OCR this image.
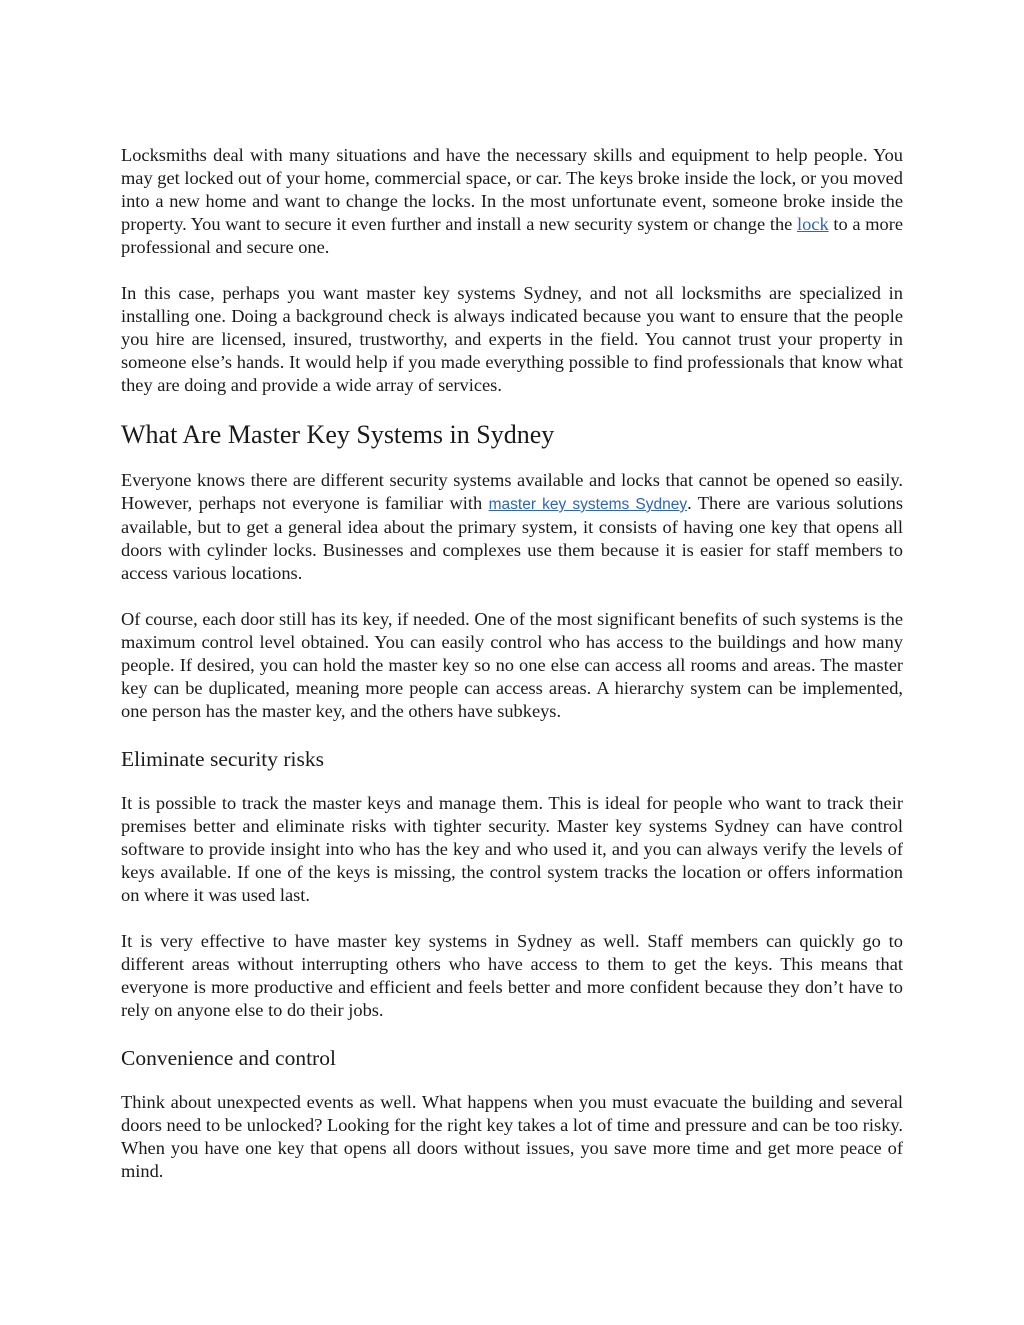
Locksmiths deal with many situations and have the necessary skills and equipment to help people. You may get locked out of your home, commercial space, or car. The keys broke inside the lock, or you moved into a new home and want to change the locks. In the most unfortunate event, someone broke inside the property. You want to secure it even further and install a new security system or change the lock to a more professional and secure one.

In this case, perhaps you want master key systems Sydney, and not all locksmiths are specialized in installing one. Doing a background check is always indicated because you want to ensure that the people you hire are licensed, insured, trustworthy, and experts in the field. You cannot trust your property in someone else’s hands. It would help if you made everything possible to find professionals that know what they are doing and provide a wide array of services.

What Are Master Key Systems in Sydney

Everyone knows there are different security systems available and locks that cannot be opened so easily. However, perhaps not everyone is familiar with master key systems Sydney. There are various solutions available, but to get a general idea about the primary system, it consists of having one key that opens all doors with cylinder locks. Businesses and complexes use them because it is easier for staff members to access various locations.

Of course, each door still has its key, if needed. One of the most significant benefits of such systems is the maximum control level obtained. You can easily control who has access to the buildings and how many people. If desired, you can hold the master key so no one else can access all rooms and areas. The master key can be duplicated, meaning more people can access areas. A hierarchy system can be implemented, one person has the master key, and the others have subkeys.

Eliminate security risks

It is possible to track the master keys and manage them. This is ideal for people who want to track their premises better and eliminate risks with tighter security. Master key systems Sydney can have control software to provide insight into who has the key and who used it, and you can always verify the levels of keys available. If one of the keys is missing, the control system tracks the location or offers information on where it was used last.

It is very effective to have master key systems in Sydney as well. Staff members can quickly go to different areas without interrupting others who have access to them to get the keys. This means that everyone is more productive and efficient and feels better and more confident because they don’t have to rely on anyone else to do their jobs.

Convenience and control

Think about unexpected events as well. What happens when you must evacuate the building and several doors need to be unlocked? Looking for the right key takes a lot of time and pressure and can be too risky. When you have one key that opens all doors without issues, you save more time and get more peace of mind.
